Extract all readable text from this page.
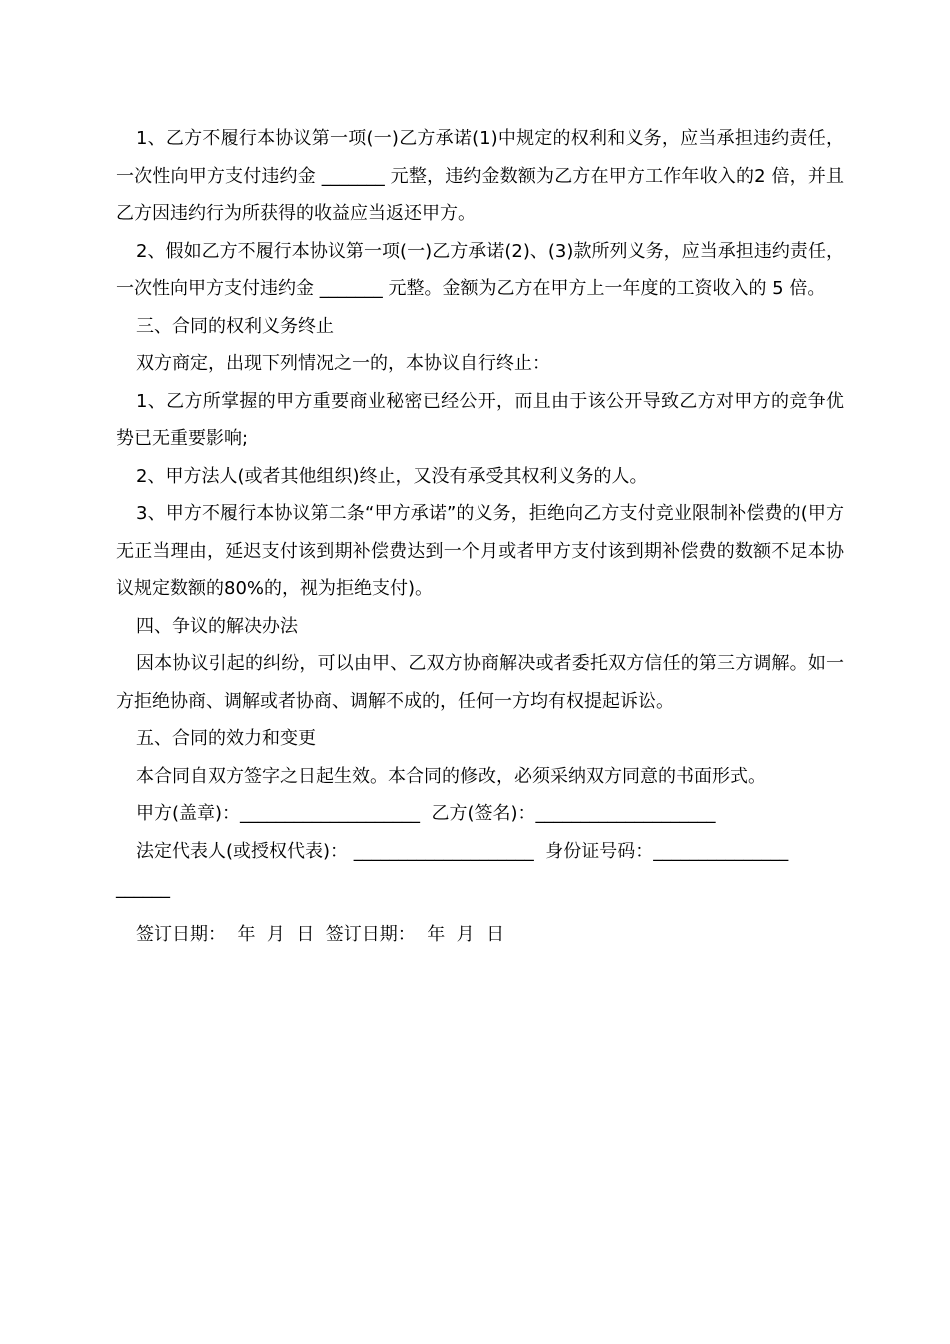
1、乙方不履行本协议第一项(一)乙方承诺(1)中规定的权利和义务，应当承担违约责任，一次性向甲方支付违约金 _______ 元整，违约金数额为乙方在甲方工作年收入的2 倍，并且乙方因违约行为所获得的收益应当返还甲方。

2、假如乙方不履行本协议第一项(一)乙方承诺(2)、(3)款所列义务，应当承担违约责任，一次性向甲方支付违约金 _______ 元整。金额为乙方在甲方上一年度的工资收入的 5 倍。

三、合同的权利义务终止

双方商定，出现下列情况之一的，本协议自行终止：

1、乙方所掌握的甲方重要商业秘密已经公开，而且由于该公开导致乙方对甲方的竞争优势已无重要影响;

2、甲方法人(或者其他组织)终止，又没有承受其权利义务的人。

3、甲方不履行本协议第二条“甲方承诺”的义务，拒绝向乙方支付竞业限制补偿费的(甲方无正当理由，延迟支付该到期补偿费达到一个月或者甲方支付该到期补偿费的数额不足本协议规定数额的80%的，视为拒绝支付)。

四、争议的解决办法

因本协议引起的纠纷，可以由甲、乙双方协商解决或者委托双方信任的第三方调解。如一方拒绝协商、调解或者协商、调解不成的，任何一方均有权提起诉讼。

五、合同的效力和变更

本合同自双方签字之日起生效。本合同的修改，必须采纳双方同意的书面形式。

甲方(盖章)：____________________  乙方(签名)：____________________

法定代表人(或授权代表)： ____________________  身份证号码：_______________

______

签订日期：  年  月  日  签订日期：  年  月  日
